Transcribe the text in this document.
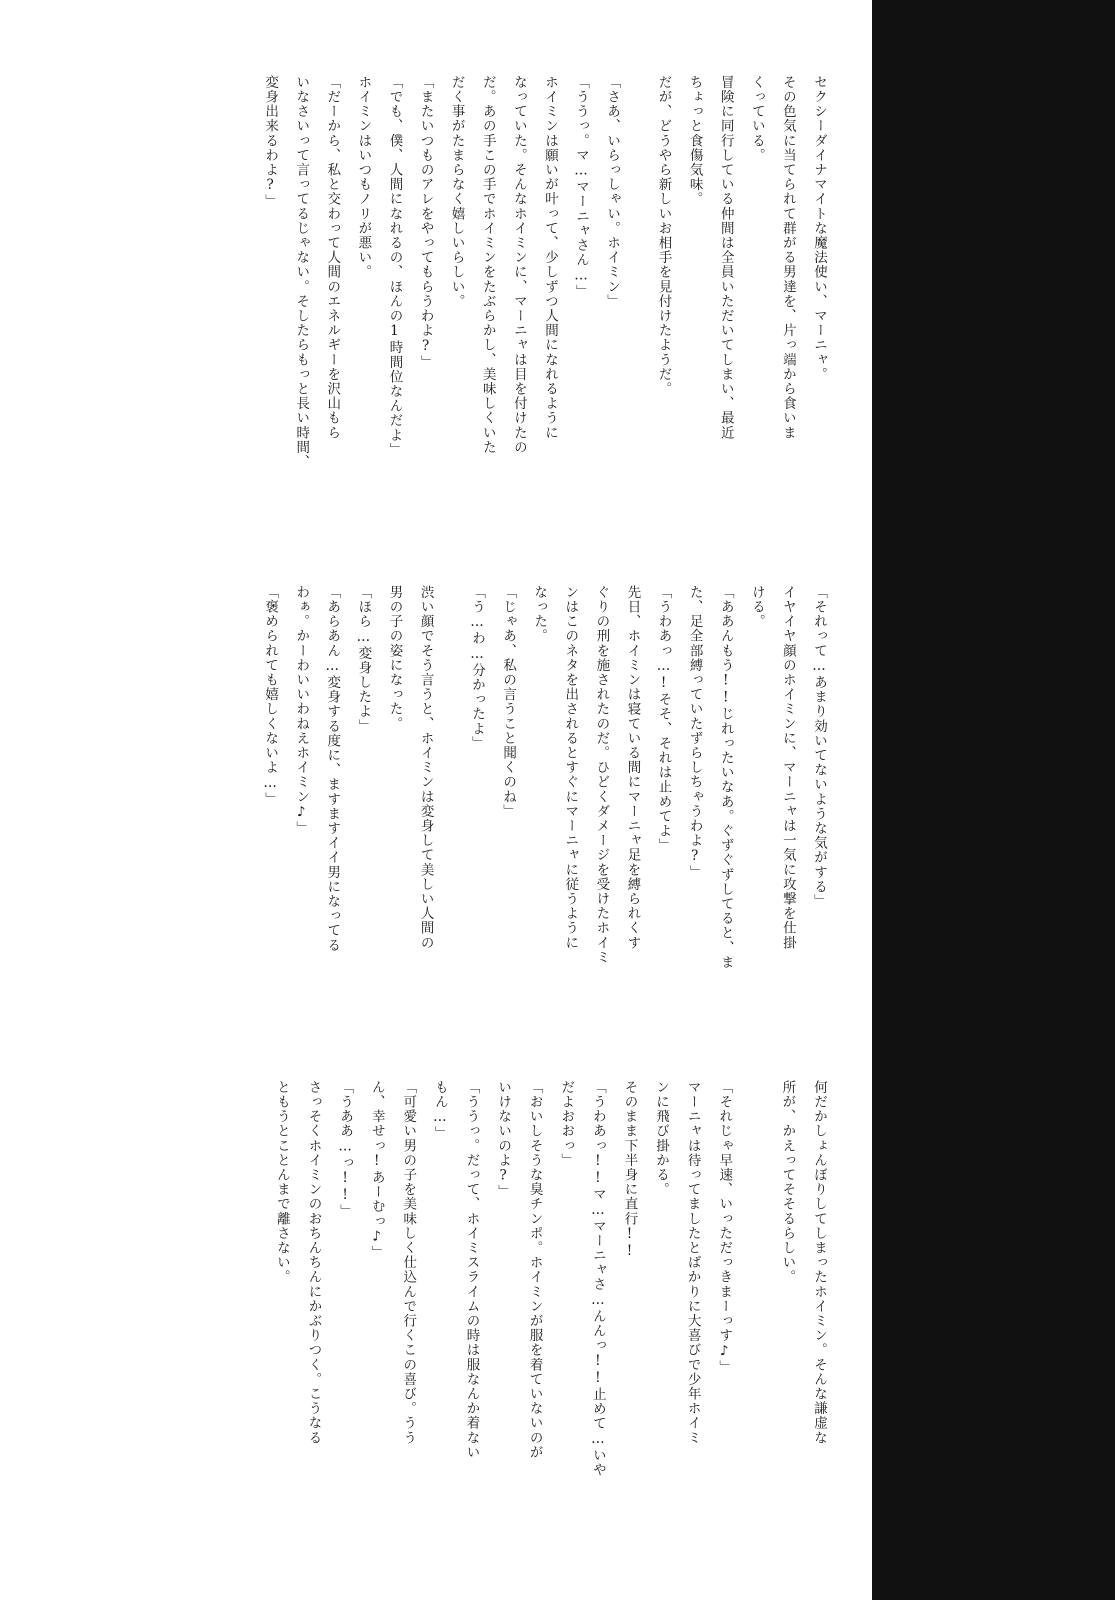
マーニャとホイミン
人間になる為の素敵に無敵な個人レッスン
セクシーダイナマイトな魔法使い、マーニャ。
その色気に当てられて群がる男達を、片っ端から食いま
くっている。
冒険に同行している仲間は全員いただいてしまい、最近
ちょっと食傷気味。
だが、どうやら新しいお相手を見付けたようだ。
「さあ、いらっしゃい。ホイミン」
「ううっ。マ…マーニャさん…」
ホイミンは願いが叶って、少しずつ人間になれるように
なっていた。そんなホイミンに、マーニャは目を付けたの
だ。あの手この手でホイミンをたぶらかし、美味しくいた
だく事がたまらなく嬉しいらしい。
「またいつものアレをやってもらうわよ?」
「でも、僕、人間になれるの、ほんの1時間位なんだよ」
ホイミンはいつもノリが悪い。
「だーから、私と交わって人間のエネルギーを沢山もら
いなさいって言ってるじゃない。そしたらもっと長い時間、
変身出来るわよ?」
「それって…あまり効いてないような気がする」
イヤイヤ顔のホイミンに、マーニャは一気に攻撃を仕掛
ける。
「ああんもう!!じれったいなあ。ぐずぐずしてると、ま
た、足全部縛っていたずらしちゃうわよ?」
「うわあっ…!そそ、それは止めてよ」
先日、ホイミンは寝ている間にマーニャ足を縛られくす
ぐりの刑を施されたのだ。ひどくダメージを受けたホイミ
ンはこのネタを出されるとすぐにマーニャに従うように
なった。
「じゃあ、私の言うこと聞くのね」
「う…わ…分かったよ」
渋い顔でそう言うと、ホイミンは変身して美しい人間の
男の子の姿になった。
「ほら…変身したよ」
「あらあん…変身する度に、ますますイイ男になってる
わぁ。かーわいいわねえホイミン♪」
「褒められても嬉しくないよ…」
何だかしょんぼりしてしまったホイミン。そんな謙虚な
所が、かえってそそるらしい。
「それじゃ早速、いっただっきまーっす♪」
マーニャは待ってましたとばかりに大喜びで少年ホイミ
ンに飛び掛かる。
そのまま下半身に直行!!
「うわあっ!!マ…マーニャさ…んんっ!!止めて…いや
だよおおっ」
「おいしそうな臭チンポ。ホイミンが服を着ていないのが
いけないのよ?」
「ううっ。だって、ホイミスライムの時は服なんか着ない
もん…」
「可愛い男の子を美味しく仕込んで行くこの喜び。うう
ん、幸せっ!あーむっ♪」
「うああ…っ!!」
さっそくホイミンのおちんちんにかぶりつく。こうなる
ともうとことんまで離さない。
